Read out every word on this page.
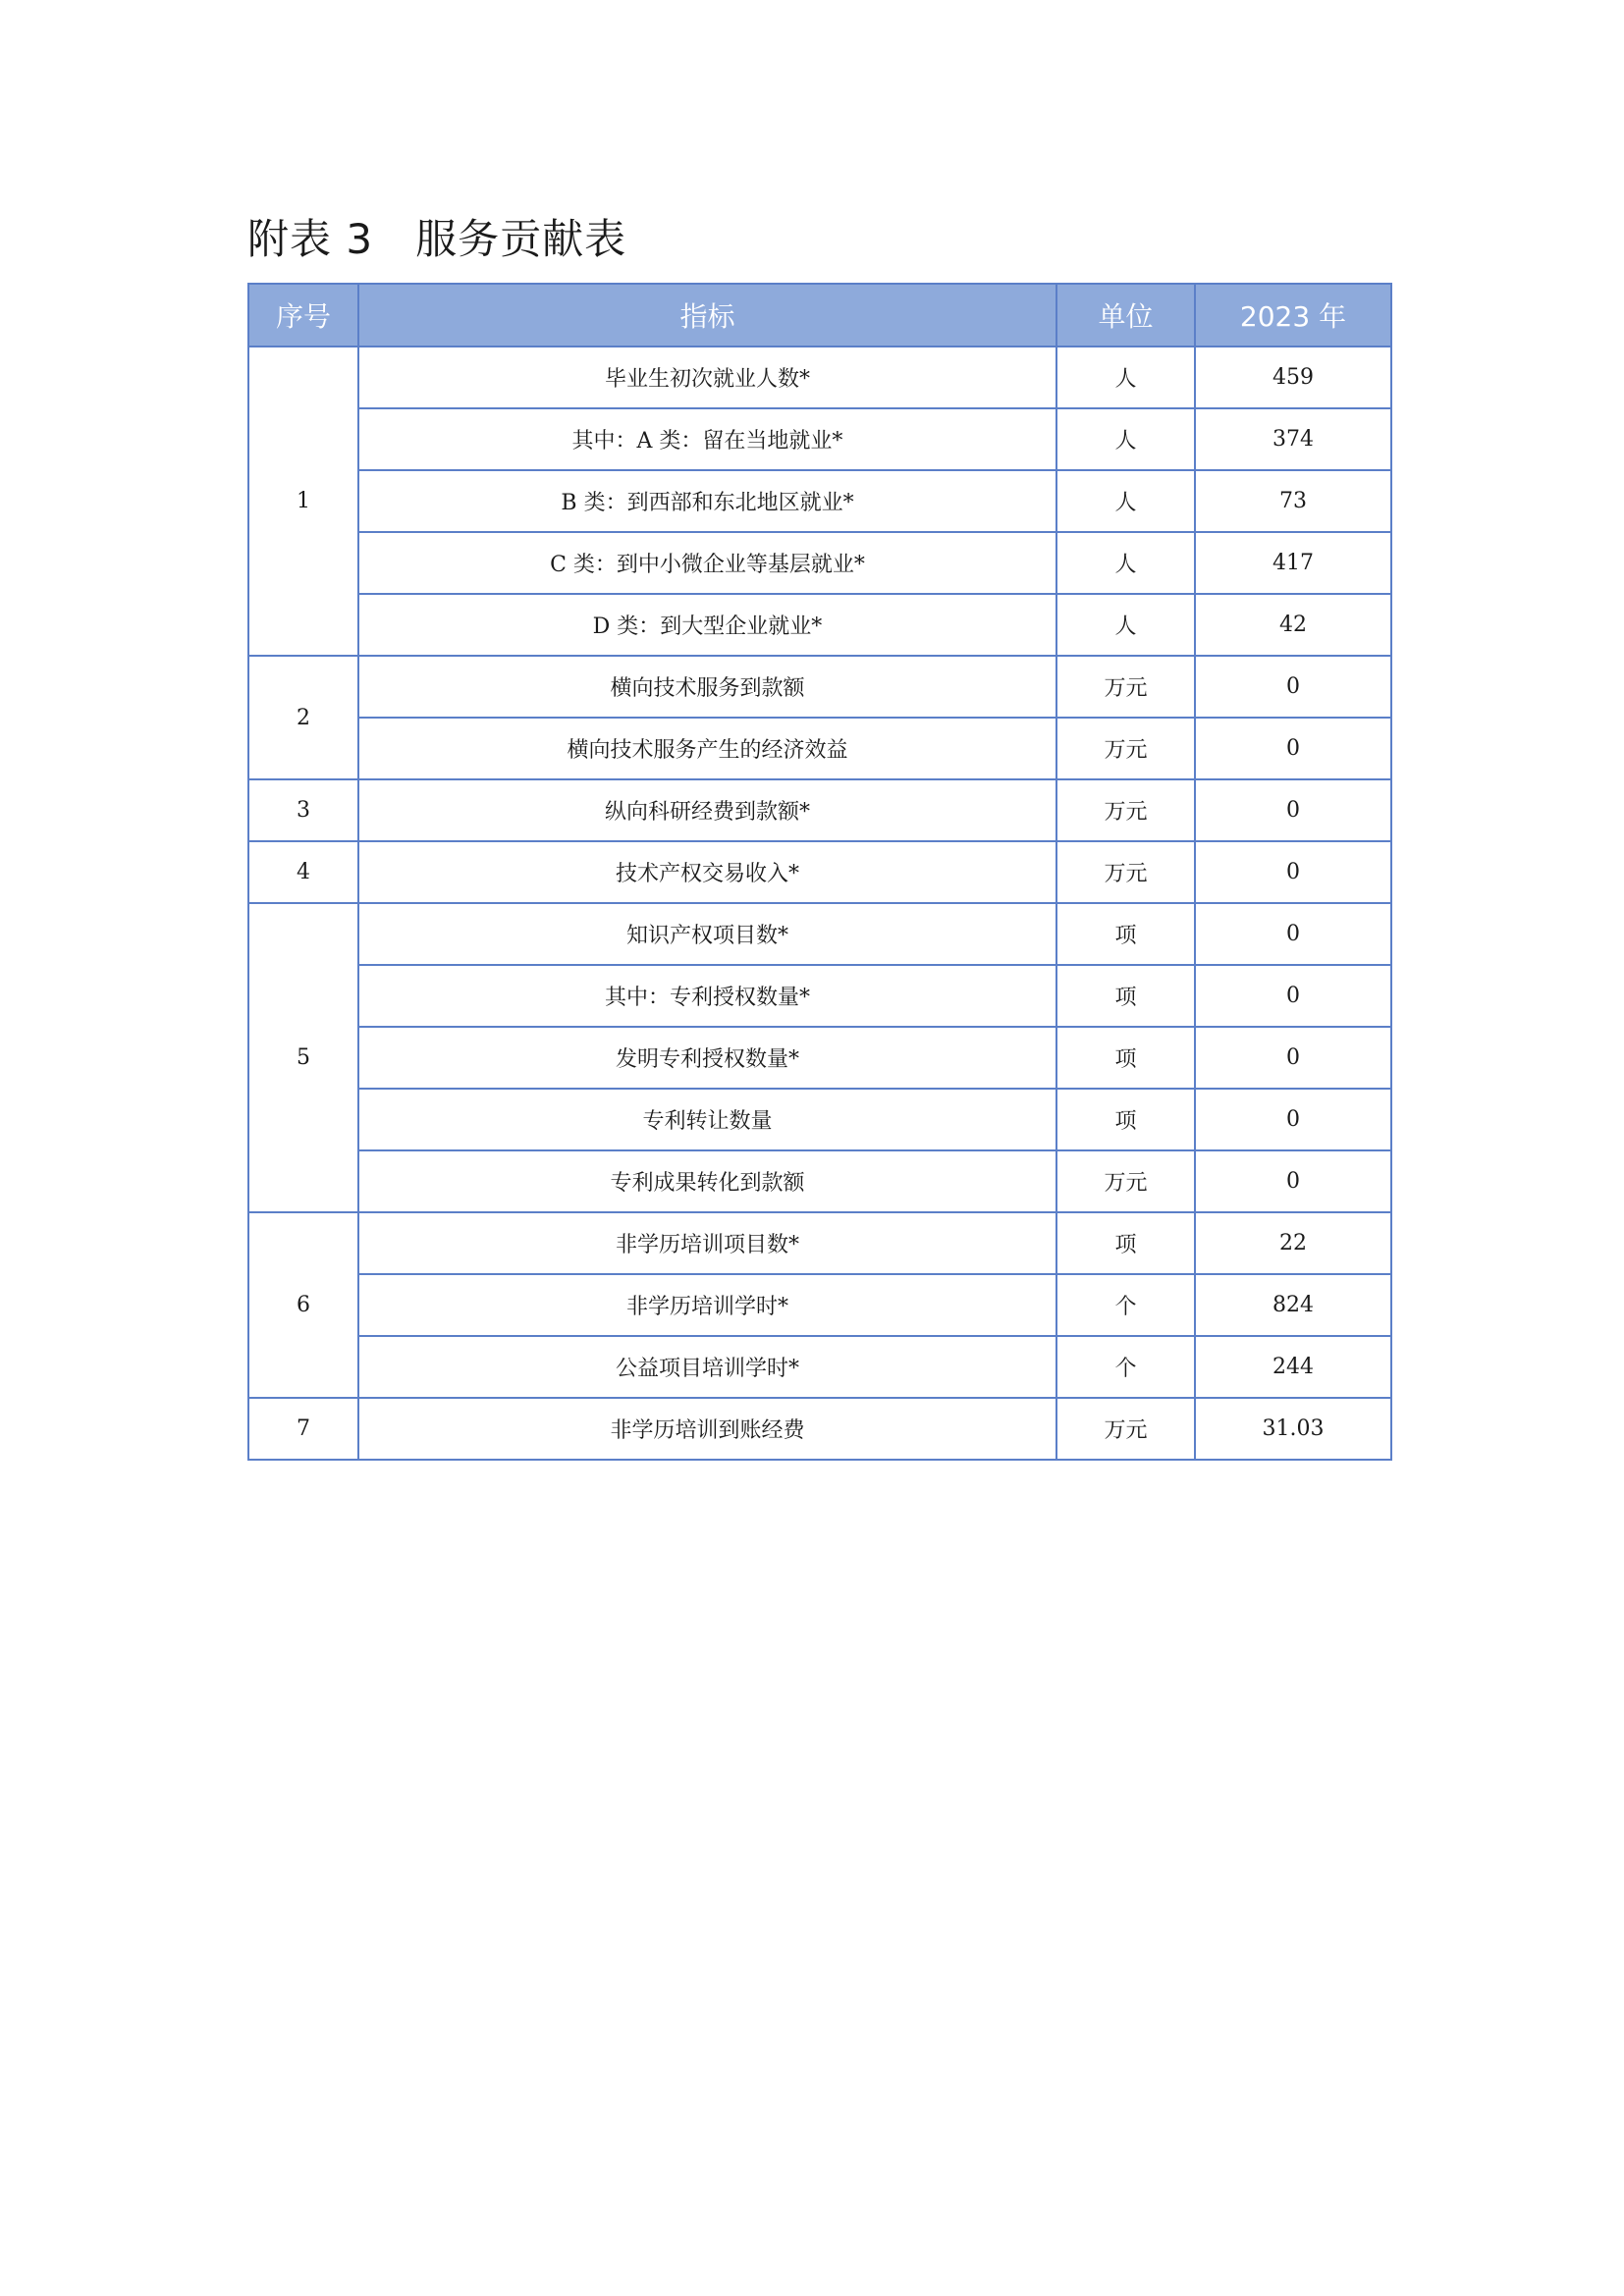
附表 3   服务贡献表
序号	指标	单位	2023 年
1	毕业生初次就业人数*	人	459
	其中：A 类：留在当地就业*	人	374
	B 类：到西部和东北地区就业*	人	73
	C 类：到中小微企业等基层就业*	人	417
	D 类：到大型企业就业*	人	42
2	横向技术服务到款额	万元	0
	横向技术服务产生的经济效益	万元	0
3	纵向科研经费到款额*	万元	0
4	技术产权交易收入*	万元	0
5	知识产权项目数*	项	0
	其中：专利授权数量*	项	0
	发明专利授权数量*	项	0
	专利转让数量	项	0
	专利成果转化到款额	万元	0
6	非学历培训项目数*	项	22
	非学历培训学时*	个	824
	公益项目培训学时*	个	244
7	非学历培训到账经费	万元	31.03
